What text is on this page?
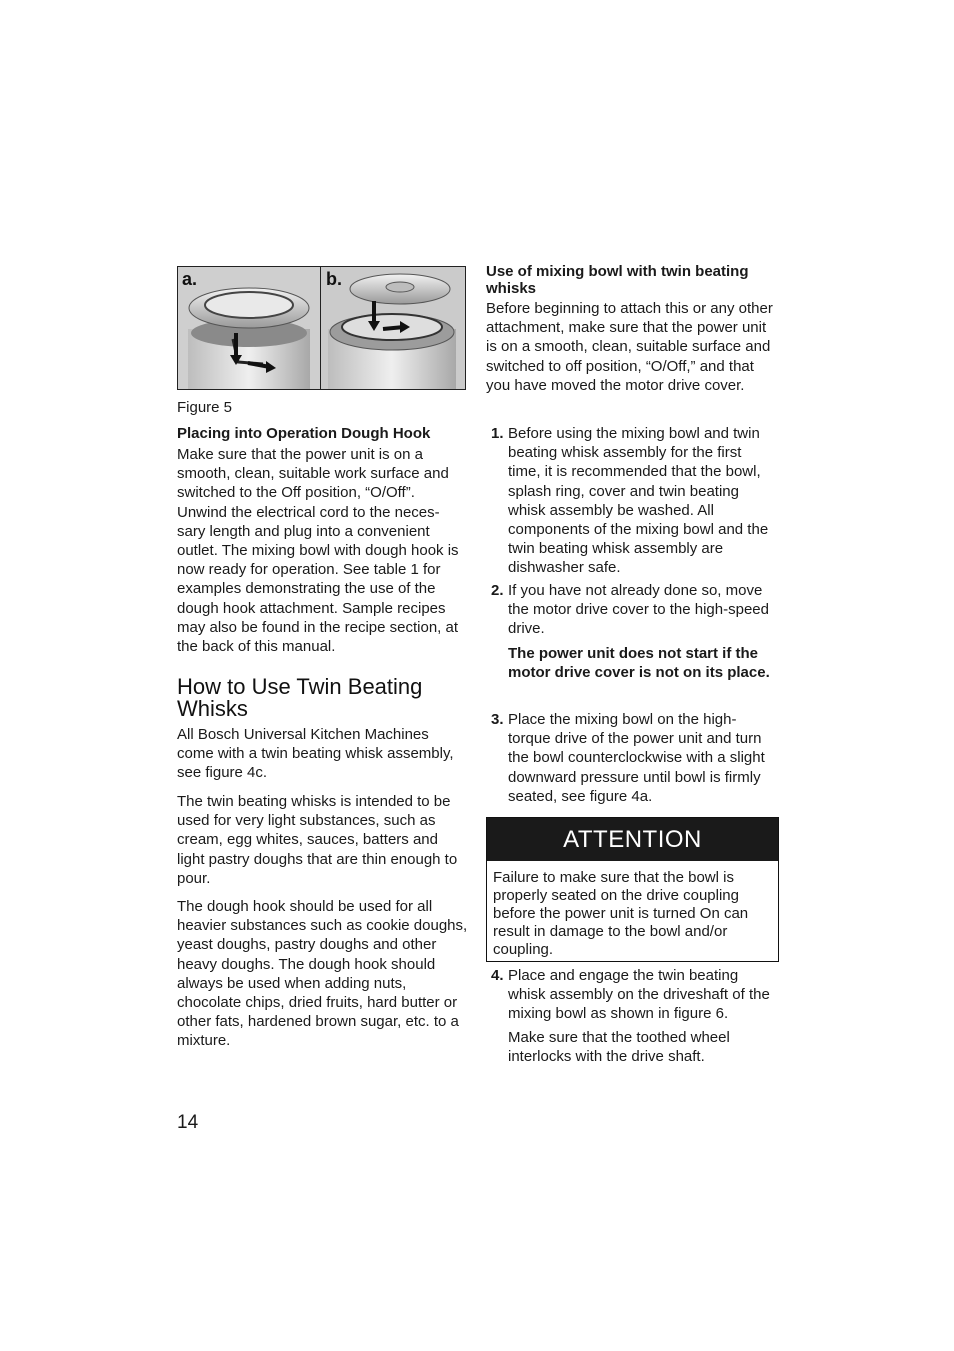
a.	b.
Figure 5
Placing into Operation Dough Hook
Make sure that the power unit is on a smooth, clean, suitable work surface and switched to the Off position, “O/Off”. Unwind the electrical cord to the neces-sary length and plug into a convenient outlet. The mixing bowl with dough hook is now ready for operation. See table 1 for examples demonstrating the use of the dough hook attachment. Sample recipes may also be found in the recipe section, at the back of this manual.
How to Use Twin Beating Whisks
All Bosch Universal Kitchen Machines come with a twin beating whisk assembly, see figure 4c.
The twin beating whisks is intended to be used for very light substances, such as cream, egg whites, sauces, batters and light pastry doughs that are thin enough to pour.
The dough hook should be used for all heavier substances such as cookie doughs, yeast doughs, pastry doughs and other heavy doughs. The dough hook should always be used when adding nuts, chocolate chips, dried fruits, hard butter or other fats, hardened brown sugar, etc. to a mixture.
Use of mixing bowl with twin beating whisks
Before beginning to attach this or any other attachment, make sure that the power unit is on a smooth, clean, suitable surface and switched to off position, “O/Off,” and that you have moved the motor drive cover.
1. Before using the mixing bowl and twin beating whisk assembly for the first time, it is recommended that the bowl, splash ring, cover and twin beating whisk assembly be washed. All components of the mixing bowl and the twin beating whisk assembly are dishwasher safe.
2. If you have not already done so, move the motor drive cover to the high-speed drive.
The power unit does not start if the motor drive cover is not on its place.
3. Place the mixing bowl on the high-torque drive of the power unit and turn the bowl counterclockwise with a slight downward pressure until bowl is firmly seated, see figure 4a.
ATTENTION
Failure to make sure that the bowl is properly seated on the drive coupling before the power unit is turned On can result in damage to the bowl and/or coupling.
4. Place and engage the twin beating whisk assembly on the driveshaft of the mixing bowl as shown in figure 6.
Make sure that the toothed wheel interlocks with the drive shaft.
14
